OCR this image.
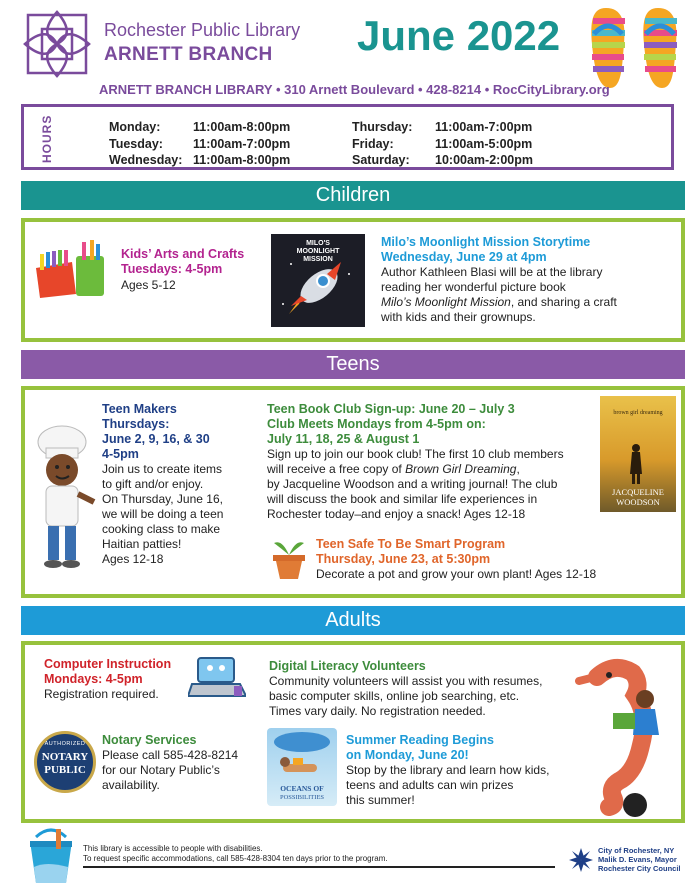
Rochester Public Library
ARNETT BRANCH June 2022
ARNETT BRANCH LIBRARY • 310 Arnett Boulevard • 428-8214 • RocCityLibrary.org
HOURS	Monday:	11:00am-8:00pm
Tuesday: 11:00am-7:00pm
Wednesday: 11:00am-8:00pm
Thursday: 11:00am-7:00pm
Friday:	11:00am-5:00pm
Saturday: 10:00am-2:00pm
Children
Kids’ Arts and Crafts
Tuesdays: 4-5pm
Ages 5-12
MILO'S MOONLIGHT MISSION
Milo’s Moonlight Mission Storytime
Wednesday, June 29 at 4pm
Author Kathleen Blasi will be at the library
reading her wonderful picture book
Milo’s Moonlight Mission, and sharing a craft
with kids and their grownups.
Teens
Teen Makers
Thursdays:
June 2, 9, 16, & 30
4-5pm
Join us to create items
to gift and/or enjoy.
On Thursday, June 16,
we will be doing a teen
cooking class to make
Haitian patties!
Ages 12-18
Teen Book Club Sign-up: June 20 – July 3
Club Meets Mondays from 4-5pm on:
July 11, 18, 25 & August 1
Sign up to join our book club! The first 10 club members
will receive a free copy of Brown Girl Dreaming,
by Jacqueline Woodson and a writing journal! The club
will discuss the book and similar life experiences in
Rochester today–and enjoy a snack! Ages 12-18
brown girl dreaming
JACQUELINE
WOODSON
Teen Safe To Be Smart Program
Thursday, June 23, at 5:30pm
Decorate a pot and grow your own plant! Ages 12-18
Adults
Computer Instruction
Mondays: 4-5pm
Registration required.
Digital Literacy Volunteers
Community volunteers will assist you with resumes,
basic computer skills, online job searching, etc.
Times vary daily. No registration needed.
AUTHORIZED
NOTARY
PUBLIC
Notary Services
Please call 585-428-8214
for our Notary Public’s
availability.	OCEANS OF
POSSIBILITIES
Summer Reading Begins
on Monday, June 20!
Stop by the library and learn how kids,
teens and adults can win prizes
this summer!
This library is accessible to people with disabilities.
To request specific accommodations, call 585-428-8304 ten days prior to the program.
City of Rochester, NY
Malik D. Evans, Mayor
Rochester City Council
